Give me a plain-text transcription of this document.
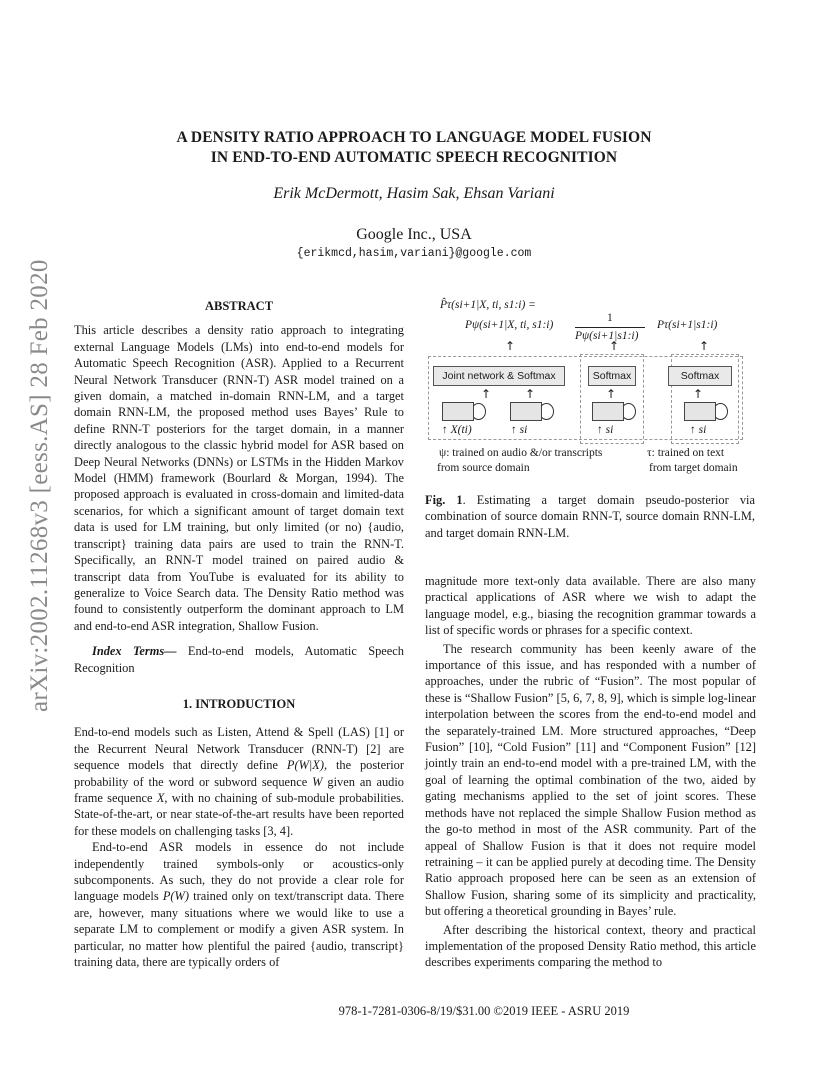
A DENSITY RATIO APPROACH TO LANGUAGE MODEL FUSION
IN END-TO-END AUTOMATIC SPEECH RECOGNITION
Erik McDermott, Hasim Sak, Ehsan Variani
Google Inc., USA
{erikmcd,hasim,variani}@google.com
arXiv:2002.11268v3 [eess.AS] 28 Feb 2020	ABSTRACT

This article describes a density ratio approach to integrating external Language Models (LMs) into end-to-end models for Automatic Speech Recognition (ASR). Applied to a Recurrent Neural Network Transducer (RNN-T) ASR model trained on a given domain, a matched in-domain RNN-LM, and a target domain RNN-LM, the proposed method uses Bayes’ Rule to define RNN-T posteriors for the target domain, in a manner directly analogous to the classic hybrid model for ASR based on Deep Neural Networks (DNNs) or LSTMs in the Hidden Markov Model (HMM) framework (Bourlard & Morgan, 1994). The proposed approach is evaluated in cross-domain and limited-data scenarios, for which a significant amount of target domain text data is used for LM training, but only limited (or no) {audio, transcript} training data pairs are used to train the RNN-T. Specifically, an RNN-T model trained on paired audio & transcript data from YouTube is evaluated for its ability to generalize to Voice Search data. The Density Ratio method was found to consistently outperform the dominant approach to LM and end-to-end ASR integration, Shallow Fusion.

Index Terms— End-to-end models, Automatic Speech Recognition

1. INTRODUCTION

End-to-end models such as Listen, Attend & Spell (LAS) [1] or the Recurrent Neural Network Transducer (RNN-T) [2] are sequence models that directly define P(W|X), the posterior probability of the word or subword sequence W given an audio frame sequence X, with no chaining of sub-module probabilities. State-of-the-art, or near state-of-the-art results have been reported for these models on challenging tasks [3, 4].

End-to-end ASR models in essence do not include independently trained symbols-only or acoustics-only subcomponents. As such, they do not provide a clear role for language models P(W) trained only on text/transcript data. There are, however, many situations where we would like to use a separate LM to complement or modify a given ASR system. In particular, no matter how plentiful the paired {audio, transcript} training data, there are typically orders of

P̂τ(si+1|X, ti, s1:i) =
Pψ(si+1|X, ti, s1:i)
1
Pψ(si+1|s1:i)
Pτ(si+1|s1:i)
↑	↑	↑
Joint network & Softmax	Softmax	Softmax
↑	↑	↑	↑
↑ X(ti)	↑ si	↑ si	↑ si
ψ: trained on audio &/or transcripts
from source domain
τ: trained on text
from target domain
Fig. 1. Estimating a target domain pseudo-posterior via combination of source domain RNN-T, source domain RNN-LM, and target domain RNN-LM.

magnitude more text-only data available. There are also many practical applications of ASR where we wish to adapt the language model, e.g., biasing the recognition grammar towards a list of specific words or phrases for a specific context.

The research community has been keenly aware of the importance of this issue, and has responded with a number of approaches, under the rubric of “Fusion”. The most popular of these is “Shallow Fusion” [5, 6, 7, 8, 9], which is simple log-linear interpolation between the scores from the end-to-end model and the separately-trained LM. More structured approaches, “Deep Fusion” [10], “Cold Fusion” [11] and “Component Fusion” [12] jointly train an end-to-end model with a pre-trained LM, with the goal of learning the optimal combination of the two, aided by gating mechanisms applied to the set of joint scores. These methods have not replaced the simple Shallow Fusion method as the go-to method in most of the ASR community. Part of the appeal of Shallow Fusion is that it does not require model retraining – it can be applied purely at decoding time. The Density Ratio approach proposed here can be seen as an extension of Shallow Fusion, sharing some of its simplicity and practicality, but offering a theoretical grounding in Bayes’ rule.

After describing the historical context, theory and practical implementation of the proposed Density Ratio method, this article describes experiments comparing the method to

978-1-7281-0306-8/19/$31.00 ©2019 IEEE - ASRU 2019
